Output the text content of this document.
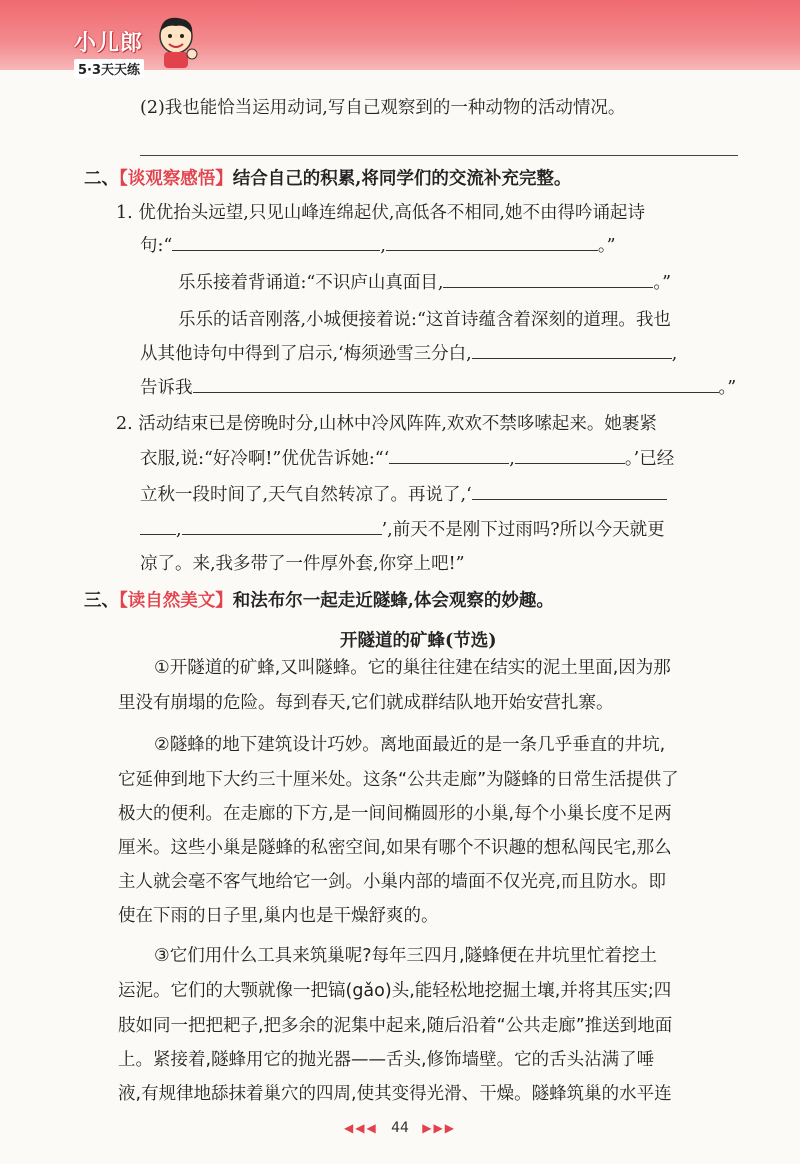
小儿郎
5·3天天练
(2)我也能恰当运用动词,写自己观察到的一种动物的活动情况。
二、【谈观察感悟】结合自己的积累,将同学们的交流补充完整。
1. 优优抬头远望,只见山峰连绵起伏,高低各不相同,她不由得吟诵起诗
句:“	,	。”
乐乐接着背诵道:“不识庐山真面目,	。”
乐乐的话音刚落,小城便接着说:“这首诗蕴含着深刻的道理。我也
从其他诗句中得到了启示,‘梅须逊雪三分白,	,
告诉我	。”
2. 活动结束已是傍晚时分,山林中冷风阵阵,欢欢不禁哆嗦起来。她裹紧
衣服,说:“好冷啊!”优优告诉她:“‘	,	。’已经
立秋一段时间了,天气自然转凉了。再说了,‘
,	’,前天不是刚下过雨吗?所以今天就更
凉了。来,我多带了一件厚外套,你穿上吧!”
三、【读自然美文】和法布尔一起走近隧蜂,体会观察的妙趣。
开隧道的矿蜂(节选)
①开隧道的矿蜂,又叫隧蜂。它的巢往往建在结实的泥土里面,因为那
里没有崩塌的危险。每到春天,它们就成群结队地开始安营扎寨。
②隧蜂的地下建筑设计巧妙。离地面最近的是一条几乎垂直的井坑,
它延伸到地下大约三十厘米处。这条“公共走廊”为隧蜂的日常生活提供了
极大的便利。在走廊的下方,是一间间椭圆形的小巢,每个小巢长度不足两
厘米。这些小巢是隧蜂的私密空间,如果有哪个不识趣的想私闯民宅,那么
主人就会毫不客气地给它一剑。小巢内部的墙面不仅光亮,而且防水。即
使在下雨的日子里,巢内也是干燥舒爽的。
③它们用什么工具来筑巢呢?每年三四月,隧蜂便在井坑里忙着挖土
运泥。它们的大颚就像一把镐(gǎo)头,能轻松地挖掘土壤,并将其压实;四
肢如同一把把耙子,把多余的泥集中起来,随后沿着“公共走廊”推送到地面
上。紧接着,隧蜂用它的抛光器——舌头,修饰墙壁。它的舌头沾满了唾
液,有规律地舔抹着巢穴的四周,使其变得光滑、干燥。隧蜂筑巢的水平连
◀◀◀ 44 ▶▶▶
